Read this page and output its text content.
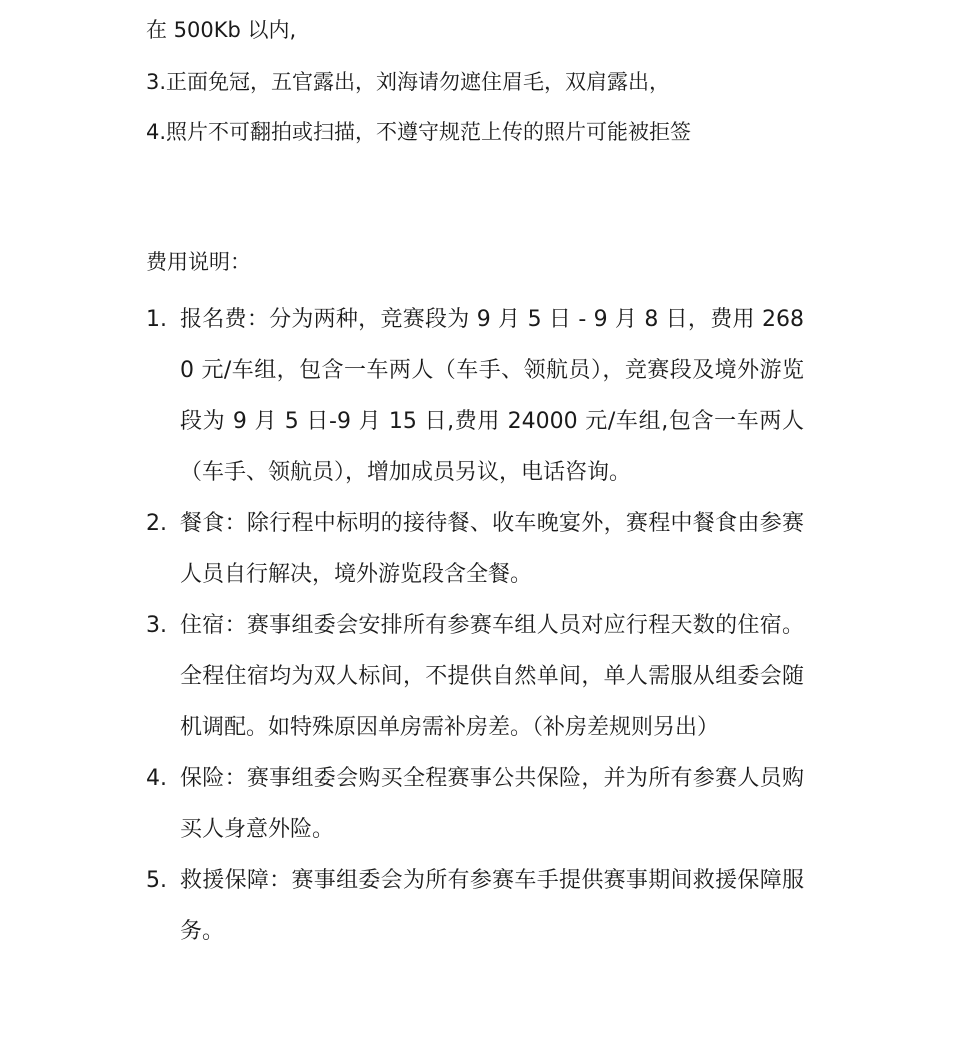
在 500Kb 以内,
3.正面免冠，五官露出，刘海请勿遮住眉毛，双肩露出，
4.照片不可翻拍或扫描，不遵守规范上传的照片可能被拒签
费用说明：
1. 报名费：分为两种，竞赛段为 9 月 5 日 - 9 月 8 日，费用 2680 元/车组，包含一车两人（车手、领航员），竞赛段及境外游览段为 9 月 5 日-9 月 15 日,费用 24000 元/车组,包含一车两人（车手、领航员），增加成员另议，电话咨询。
2. 餐食：除行程中标明的接待餐、收车晚宴外，赛程中餐食由参赛人员自行解决，境外游览段含全餐。
3. 住宿：赛事组委会安排所有参赛车组人员对应行程天数的住宿。全程住宿均为双人标间，不提供自然单间，单人需服从组委会随机调配。如特殊原因单房需补房差。（补房差规则另出）
4. 保险：赛事组委会购买全程赛事公共保险，并为所有参赛人员购买人身意外险。
5. 救援保障：赛事组委会为所有参赛车手提供赛事期间救援保障服务。
